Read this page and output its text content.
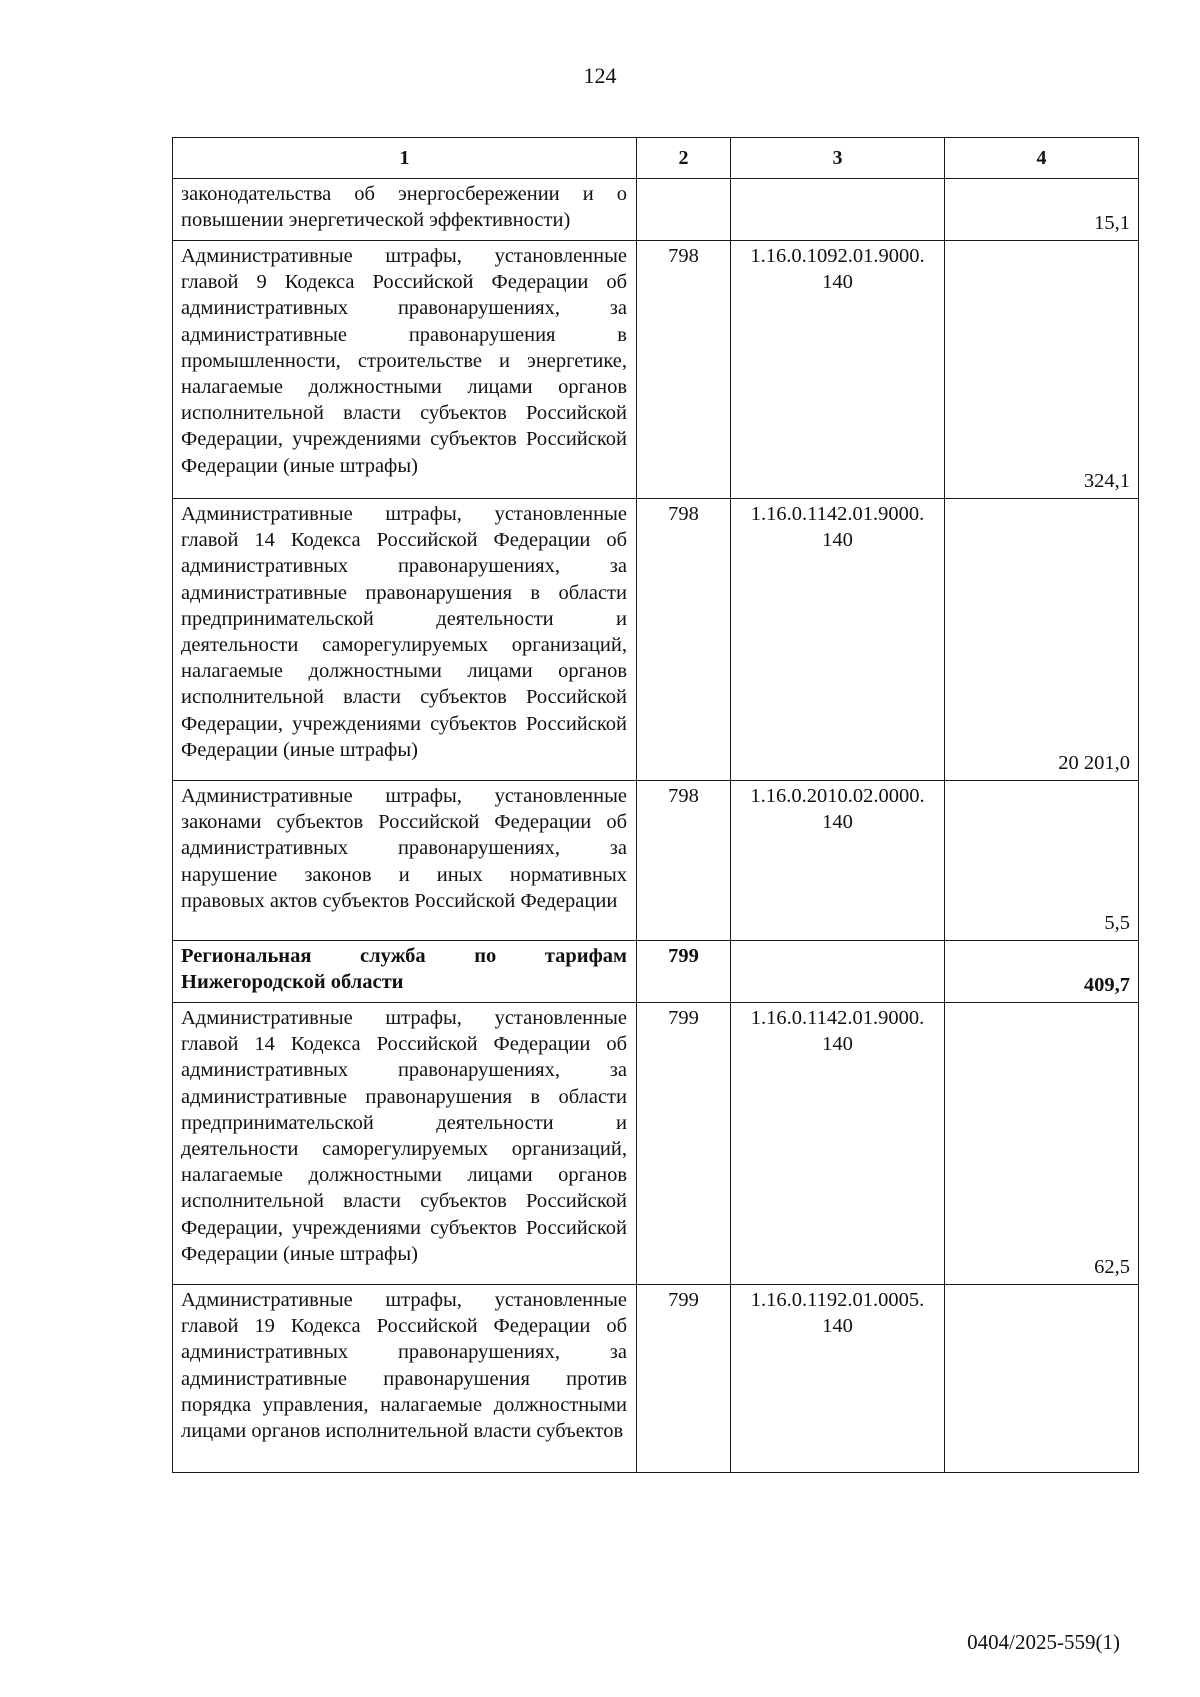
124
1	2	3	4
законодательства об энергосбережении и о повышении энергетической эффективности)			15,1
Административные штрафы, установленные главой 9 Кодекса Российской Федерации об административных правонарушениях, за административные правонарушения в промышленности, строительстве и энергетике, налагаемые должностными лицами органов исполнительной власти субъектов Российской Федерации, учреждениями субъектов Российской Федерации (иные штрафы)	798	1.16.0.1092.01.9000. 140	324,1
Административные штрафы, установленные главой 14 Кодекса Российской Федерации об административных правонарушениях, за административные правонарушения в области предпринимательской деятельности и деятельности саморегулируемых организаций, налагаемые должностными лицами органов исполнительной власти субъектов Российской Федерации, учреждениями субъектов Российской Федерации (иные штрафы)	798	1.16.0.1142.01.9000. 140	20 201,0
Административные штрафы, установленные законами субъектов Российской Федерации об административных правонарушениях, за нарушение законов и иных нормативных правовых актов субъектов Российской Федерации	798	1.16.0.2010.02.0000. 140	5,5
Региональная служба по тарифам Нижегородской области	799		409,7
Административные штрафы, установленные главой 14 Кодекса Российской Федерации об административных правонарушениях, за административные правонарушения в области предпринимательской деятельности и деятельности саморегулируемых организаций, налагаемые должностными лицами органов исполнительной власти субъектов Российской Федерации, учреждениями субъектов Российской Федерации (иные штрафы)	799	1.16.0.1142.01.9000. 140	62,5
Административные штрафы, установленные главой 19 Кодекса Российской Федерации об административных правонарушениях, за административные правонарушения против порядка управления, налагаемые должностными лицами органов исполнительной власти субъектов	799	1.16.0.1192.01.0005. 140	
0404/2025-559(1)
